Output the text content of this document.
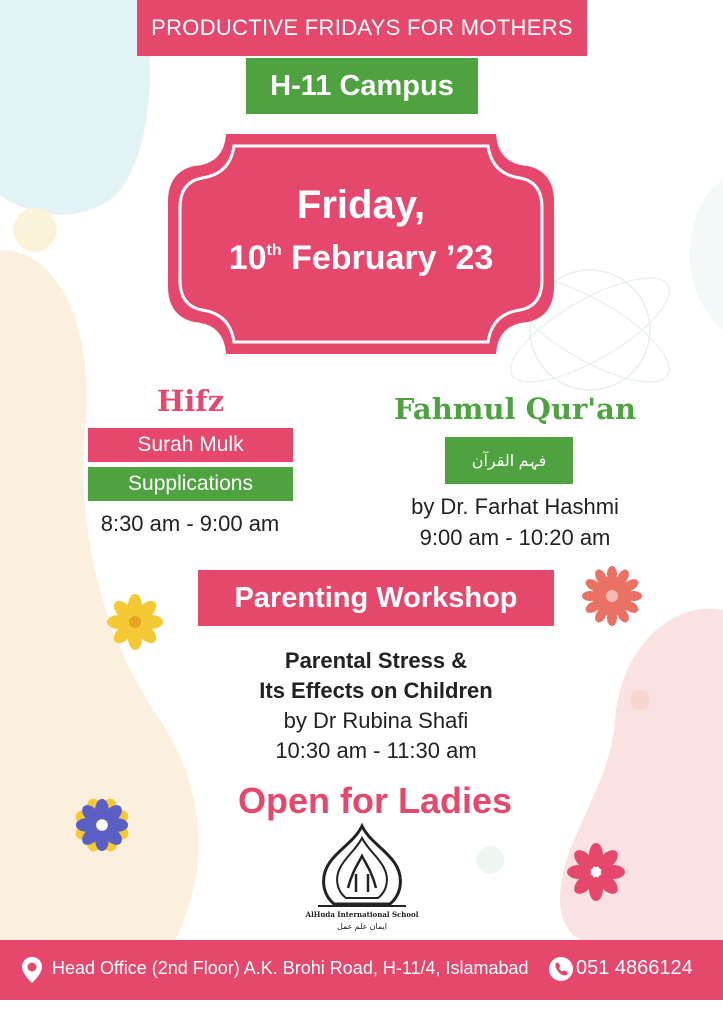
PRODUCTIVE FRIDAYS FOR MOTHERS
H-11 Campus
Friday,
10th February ’23
Hifz
Surah Mulk
Supplications
8:30 am - 9:00 am
Fahmul Qur'an
فہم القرآن
by Dr. Farhat Hashmi
9:00 am - 10:20 am
Parenting Workshop
Parental Stress &
Its Effects on Children
by Dr Rubina Shafi
10:30 am - 11:30 am
Open for Ladies
AlHuda International School
ایمان علم عمل
Head Office (2nd Floor) A.K. Brohi Road, H-11/4, Islamabad 051 4866124
